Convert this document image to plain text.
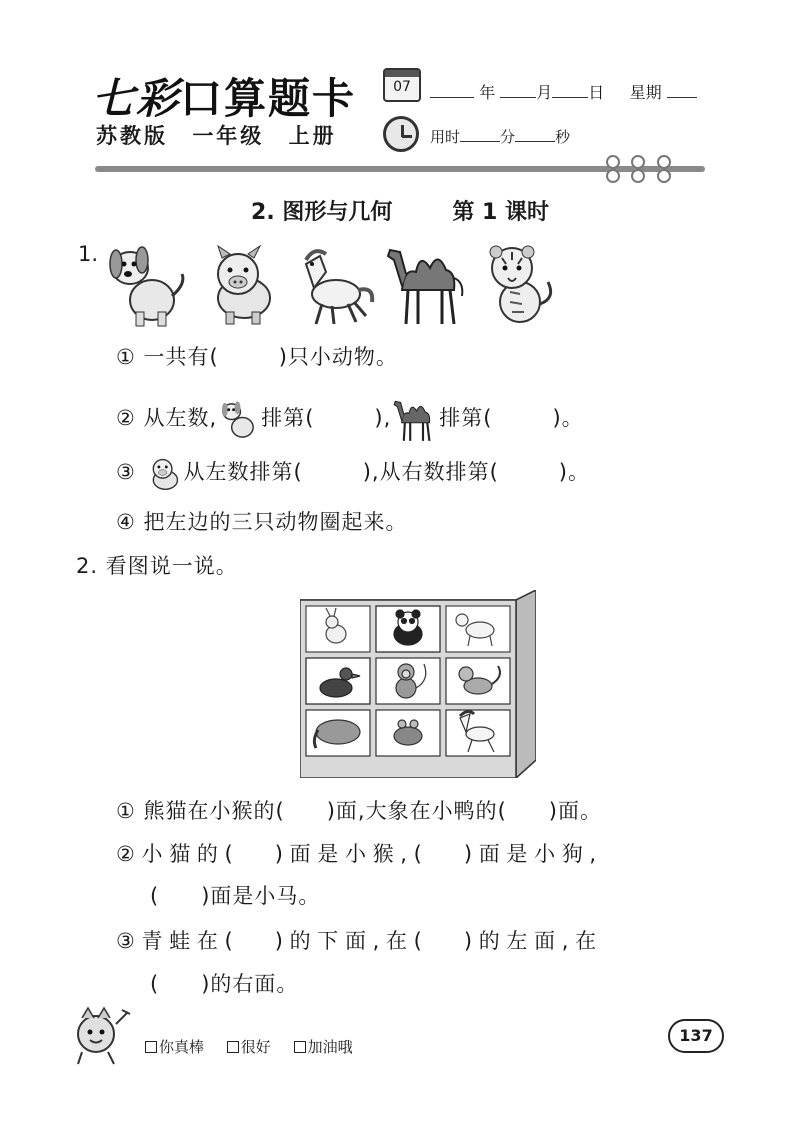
七彩口算题卡
苏教版 一年级 上册
07	年	月 日 星期
用时	分	秒
2. 图形与几何	第 1 课时
1.
① 一共有(	)只小动物。
② 从左数, 排第(	), 排第(	)。
③ 从左数排第(	),从右数排第(	)。
④ 把左边的三只动物圈起来。
2. 看图说一说。
① 熊猫在小猴的( )面,大象在小鸭的( )面。
② 小 猫 的 ( ) 面 是 小 猴 , ( ) 面 是 小 狗 ,
( )面是小马。
③ 青 蛙 在 ( ) 的 下 面 , 在 ( ) 的 左 面 , 在
( )的右面。
你真棒 很好 加油哦
137
